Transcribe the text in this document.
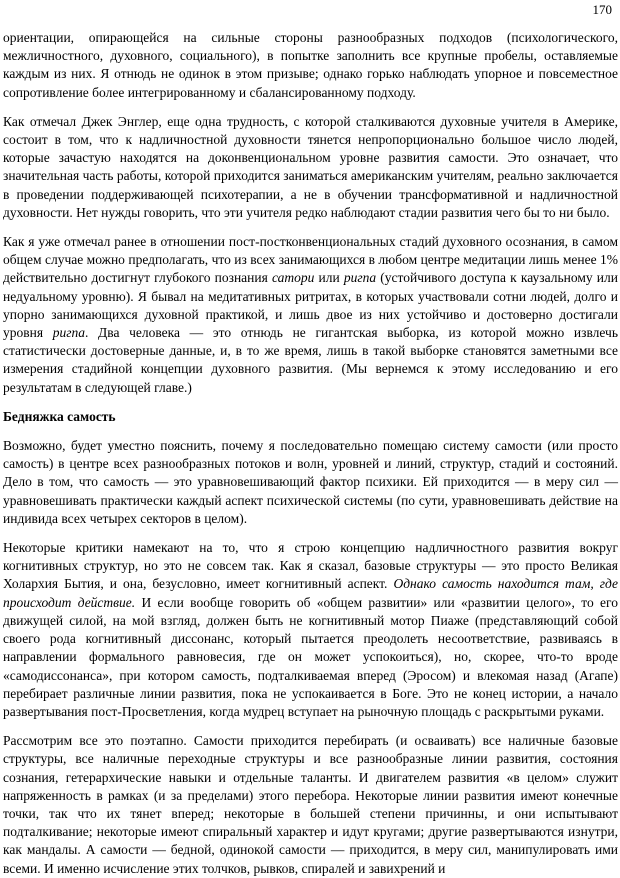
170

ориентации, опирающейся на сильные стороны разнообразных подходов (психологического, межличностного, духовного, социального), в попытке заполнить все крупные пробелы, оставляемые каждым из них. Я отнюдь не одинок в этом призыве; однако горько наблюдать упорное и повсеместное сопротивление более интегрированному и сбалансированному подходу.

Как отмечал Джек Энглер, еще одна трудность, с которой сталкиваются духовные учителя в Америке, состоит в том, что к надличностной духовности тянется непропорционально большое число людей, которые зачастую находятся на доконвенциональном уровне развития самости. Это означает, что значительная часть работы, которой приходится заниматься американским учителям, реально заключается в проведении поддерживающей психотерапии, а не в обучении трансформативной и надличностной духовности. Нет нужды говорить, что эти учителя редко наблюдают стадии развития чего бы то ни было.

Как я уже отмечал ранее в отношении пост-постконвенциональных стадий духовного осознания, в самом общем случае можно предполагать, что из всех занимающихся в любом центре медитации лишь менее 1% действительно достигнут глубокого познания сатори или ригпа (устойчивого доступа к каузальному или недуальному уровню). Я бывал на медитативных ритритах, в которых участвовали сотни людей, долго и упорно занимающихся духовной практикой, и лишь двое из них устойчиво и достоверно достигали уровня ригпа. Два человека — это отнюдь не гигантская выборка, из которой можно извлечь статистически достоверные данные, и, в то же время, лишь в такой выборке становятся заметными все измерения стадийной концепции духовного развития. (Мы вернемся к этому исследованию и его результатам в следующей главе.)

Бедняжка самость

Возможно, будет уместно пояснить, почему я последовательно помещаю систему самости (или просто самость) в центре всех разнообразных потоков и волн, уровней и линий, структур, стадий и состояний. Дело в том, что самость — это уравновешивающий фактор психики. Ей приходится — в меру сил — уравновешивать практически каждый аспект психической системы (по сути, уравновешивать действие на индивида всех четырех секторов в целом).

Некоторые критики намекают на то, что я строю концепцию надличностного развития вокруг когнитивных структур, но это не совсем так. Как я сказал, базовые структуры — это просто Великая Холархия Бытия, и она, безусловно, имеет когнитивный аспект. Однако самость находится там, где происходит действие. И если вообще говорить об «общем развитии» или «развитии целого», то его движущей силой, на мой взгляд, должен быть не когнитивный мотор Пиаже (представляющий собой своего рода когнитивный диссонанс, который пытается преодолеть несоответствие, развиваясь в направлении формального равновесия, где он может успокоиться), но, скорее, что-то вроде «самодиссонанса», при котором самость, подталкиваемая вперед (Эросом) и влекомая назад (Агапе) перебирает различные линии развития, пока не успокаивается в Боге. Это не конец истории, а начало развертывания пост-Просветления, когда мудрец вступает на рыночную площадь с раскрытыми руками.

Рассмотрим все это поэтапно. Самости приходится перебирать (и осваивать) все наличные базовые структуры, все наличные переходные структуры и все разнообразные линии развития, состояния сознания, гетерархические навыки и отдельные таланты. И двигателем развития «в целом» служит напряженность в рамках (и за пределами) этого перебора. Некоторые линии развития имеют конечные точки, так что их тянет вперед; некоторые в большей степени причинны, и они испытывают подталкивание; некоторые имеют спиральный характер и идут кругами; другие развертываются изнутри, как мандалы. А самости — бедной, одинокой самости — приходится, в меру сил, манипулировать ими всеми. И именно исчисление этих толчков, рывков, спиралей и завихрений и
